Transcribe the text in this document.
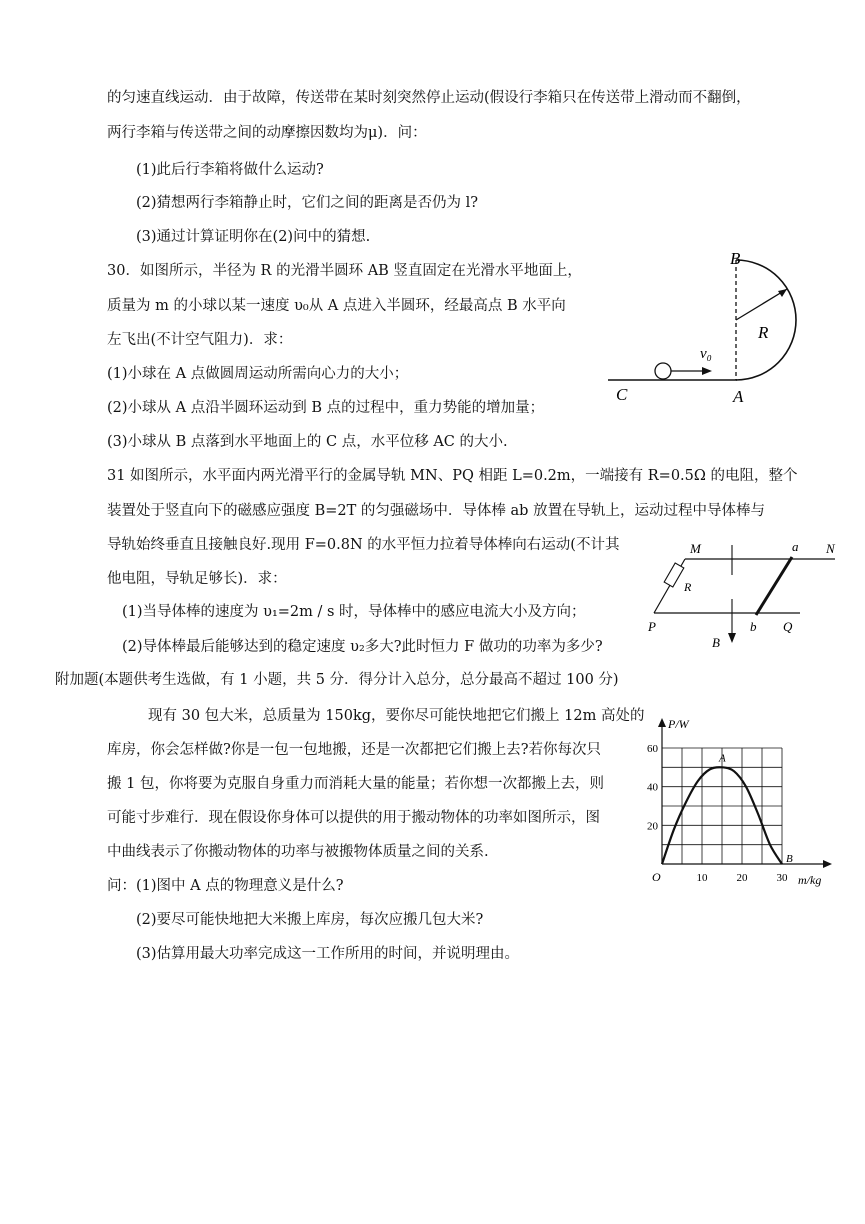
的匀速直线运动．由于故障，传送带在某时刻突然停止运动(假设行李箱只在传送带上滑动而不翻倒，
两行李箱与传送带之间的动摩擦因数均为μ)．问：
(1)此后行李箱将做什么运动?
(2)猜想两行李箱静止时，它们之间的距离是否仍为 l?
(3)通过计算证明你在(2)问中的猜想.
30．如图所示，半径为 R 的光滑半圆环 AB 竖直固定在光滑水平地面上，
质量为 m 的小球以某一速度 υ₀从 A 点进入半圆环，经最高点 B 水平向
左飞出(不计空气阻力)．求：
(1)小球在 A 点做圆周运动所需向心力的大小；
(2)小球从 A 点沿半圆环运动到 B 点的过程中，重力势能的增加量；
(3)小球从 B 点落到水平地面上的 C 点，水平位移 AC 的大小.
B
R
v₀
C	A
31 如图所示，水平面内两光滑平行的金属导轨 MN、PQ 相距 L=0.2m，一端接有 R=0.5Ω 的电阻，整个
装置处于竖直向下的磁感应强度 B=2T 的匀强磁场中．导体棒 ab 放置在导轨上，运动过程中导体棒与
导轨始终垂直且接触良好.现用 F=0.8N 的水平恒力拉着导体棒向右运动(不计其
他电阻，导轨足够长)．求：
(1)当导体棒的速度为 υ₁=2m / s 时，导体棒中的感应电流大小及方向；
(2)导体棒最后能够达到的稳定速度 υ₂多大?此时恒力 F 做功的功率为多少?
M	a N
R
P	b Q
B
附加题(本题供考生选做，有 1 小题，共 5 分．得分计入总分，总分最高不超过 100 分)
现有 30 包大米，总质量为 150kg，要你尽可能快地把它们搬上 12m 高处的
库房，你会怎样做?你是一包一包地搬，还是一次都把它们搬上去?若你每次只
搬 1 包，你将要为克服自身重力而消耗大量的能量；若你想一次都搬上去，则
可能寸步难行．现在假设你身体可以提供的用于搬动物体的功率如图所示，图
中曲线表示了你搬动物体的功率与被搬物体质量之间的关系.
问：(1)图中 A 点的物理意义是什么?
(2)要尽可能快地把大米搬上库房，每次应搬几包大米?
(3)估算用最大功率完成这一工作所用的时间，并说明理由。
10	20	30
20
40
60
O
P/W
m/kg
A
B
